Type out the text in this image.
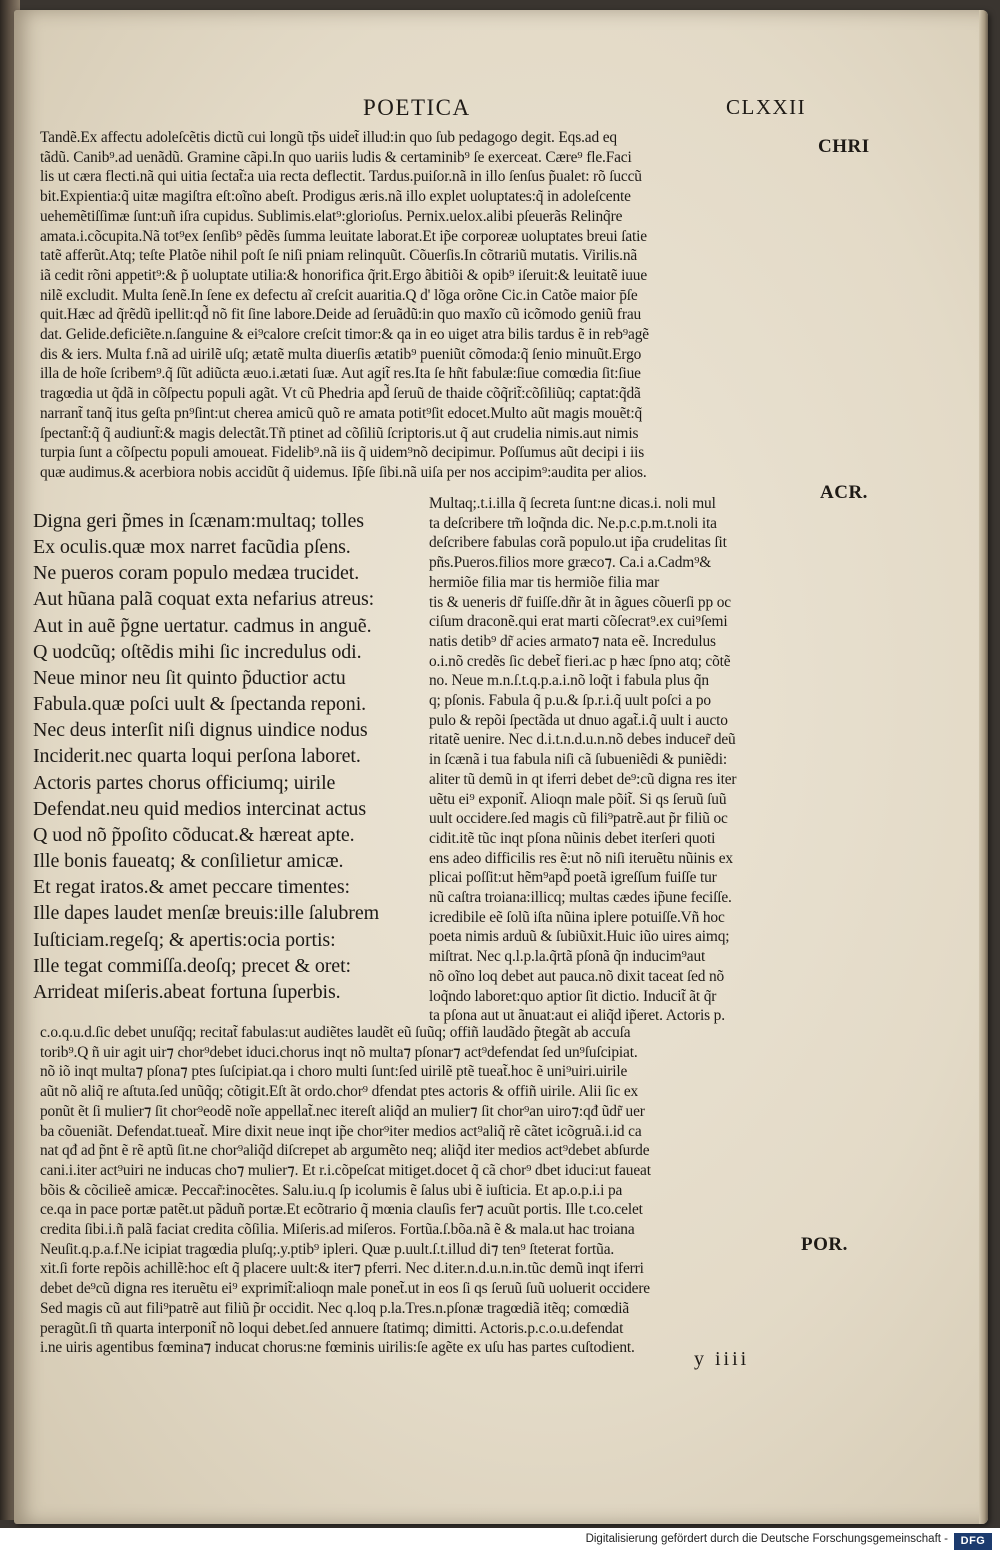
POETICA	CLXXII
CHRI
ACR.
POR.
Tandẽ.Ex affectu adoleſcẽtis dictũ cui longũ tp̃s uidet̃ illud:in quo ſub pedagogo degit. Eqs.ad eq
tãdũ. Canib⁹.ad uenãdũ. Gramine cãpi.In quo uariis ludis & certaminib⁹ ſe exerceat. Cære⁹ fle.Faci
lis ut cæra flecti.nã qui uitia ſectat̃:a uia recta deflectit. Tardus.puiſor.nã in illo ſenſus p̃ualet: rõ ſuccũ
bit.Expientia:q̃ uitæ magiſtra eſt:oĩno abeſt. Prodigus æris.nã illo explet uoluptates:q̃ in adoleſcente
uehemẽtiſſimæ ſunt:uñ iſra cupidus. Sublimis.elat⁹:glorioſus. Pernix.uelox.alibi pſeuerãs Relinq̃re
amata.i.cõcupita.Nã tot⁹ex ſenſib⁹ pẽdẽs ſumma leuitate laborat.Et ip̃e corporeæ uoluptates breui ſatie
tatẽ afferũt.Atq; teſte Platõe nihil poſt ſe niſi pniam relinquũt. Cõuerſis.In cõtrariũ mutatis. Virilis.nã
iã cedit rõni appetit⁹:& p̃ uoluptate utilia:& honorifica q̃rit.Ergo ãbitiõi & opib⁹ iſeruit:& leuitatẽ iuue
nilẽ excludit. Multa ſenẽ.In ſene ex defectu aĩ creſcit auaritia.Q d' lõga orõne Cic.in Catõe maior p̄ſe
quit.Hæc ad q̃rẽdũ ipellit:qd̃ nõ fit ſine labore.Deide ad ſeruãdũ:in quo maxĩo cũ icõmodo geniũ frau
dat. Gelide.deficiẽte.n.ſanguine & ei⁹calore creſcit timor:& qa in eo uiget atra bilis tardus ẽ in reb⁹agẽ
dis & iers. Multa f.nã ad uirilẽ uſq; ætatẽ multa diuerſis ætatib⁹ pueniũt cõmoda:q̃ ſenio minuũt.Ergo
illa de hoĩe ſcribem⁹.q̃ ſũt adiũcta æuo.i.ætati ſuæ. Aut agit̃ res.Ita ſe hñt fabulæ:ſiue comœdia ſit:ſiue
tragœdia ut q̃dã in cõſpectu populi agãt. Vt cũ Phedria apd̃ ſeruũ de thaide cõq̃rit̃:cõſiliũq; captat:q̃dã
narrant̃ tanq̃ itus geſta pn⁹ſint:ut cherea amicũ quõ re amata potit⁹ſit edocet.Multo aũt magis mouẽt:q̃
ſpectant̃:q̃ q̃ audiunt̃:& magis delectãt.Tñ ptinet ad cõſiliũ ſcriptoris.ut q̃ aut crudelia nimis.aut nimis
turpia ſunt a cõſpectu populi amoueat. Fidelib⁹.nã iis q̃ uidem⁹nõ decipimur. Poſſumus aũt decipi i iis
quæ audimus.& acerbiora nobis accidũt q̃ uidemus. Ip̃ſe ſibi.nã uiſa per nos accipim⁹:audita per alios.
Digna geri p̃mes in ſcænam:multaq; tolles
Ex oculis.quæ mox narret facũdia pſens.
Ne pueros coram populo medæa trucidet.
Aut hũana palã coquat exta nefarius atreus:
Aut in auẽ p̃gne uertatur. cadmus in anguẽ.
Q uodcũq; oſtẽdis mihi ſic incredulus odi.
Neue minor neu ſit quinto p̃ductior actu
Fabula.quæ poſci uult & ſpectanda reponi.
Nec deus interſit niſi dignus uindice nodus
Inciderit.nec quarta loqui perſona laboret.
Actoris partes chorus officiumq; uirile
Defendat.neu quid medios intercinat actus
Q uod nõ p̃poſito cõducat.& hæreat apte.
Ille bonis faueatq; & conſilietur amicæ.
Et regat iratos.& amet peccare timentes:
Ille dapes laudet menſæ breuis:ille ſalubrem
Iuſticiam.regeſq; & apertis:ocia portis:
Ille tegat commiſſa.deoſq; precet & oret:
Arrideat miſeris.abeat fortuna ſuperbis.
Multaq;.t.i.illa q̃ ſecreta ſunt:ne dicas.i. noli mul
ta deſcribere tm̃ loq̃nda dic. Ne.p.c.p.m.t.noli ita
deſcribere fabulas corã populo.ut ip̃a crudelitas ſit
pñs.Pueros.filios more græco⁊. Ca.i a.Cadm⁹&
hermiõe filia mar tis hermiõe filia mar
tis & ueneris dr̃ fuiſſe.dñr ãt in ãgues cõuerſi pp oc
ciſum draconẽ.qui erat marti cõſecrat⁹.ex cui⁹ſemi
natis detib⁹ dr̃ acies armato⁊ nata eẽ. Incredulus
o.i.nõ credẽs ſic debet̃ fieri.ac p hæc ſpno atq; cõtẽ
no. Neue m.n.ſ.t.q.p.a.i.nõ loq̃t i fabula plus q̃n
q; pſonis. Fabula q̃ p.u.& ſp.r.i.q̃ uult poſci a po
pulo & repõi ſpectãda ut dnuo agat̃.i.q̃ uult i aucto
ritatẽ uenire. Nec d.i.t.n.d.u.n.nõ debes inducer̃ deũ
in ſcænã i tua fabula niſi cã ſubueniẽdi & puniẽdi:
aliter tũ demũ in qt iferri debet de⁹:cũ digna res iter
uẽtu ei⁹ exponit̃. Alioqn male põit̃. Si qs ſeruũ ſuũ
uult occidere.ſed magis cũ fili⁹patrẽ.aut p̃r filiũ oc
cidit.itẽ tũc inqt pſona nũinis debet iterſeri quoti
ens adeo difficilis res ẽ:ut nõ niſi iteruẽtu nũinis ex
plicai poſſit:ut hẽm⁹apd̃ poetã igreſſum fuiſſe tur
nũ caſtra troiana:illicq; multas cædes ip̃une feciſſe.
icredibile eẽ ſolũ iſta nũina iplere potuiſſe.Vñ hoc
poeta nimis arduũ & ſubiũxit.Huic iũo uires aimq;
miſtrat. Nec q.l.p.la.q̃rtã pſonã q̃n inducim⁹aut
nõ oĩno loq debet aut pauca.nõ dixit taceat ſed nõ
loq̃ndo laboret:quo aptior ſit dictio. Inducit̃ ãt q̃r
ta pſona aut ut ãnuat:aut ei aliq̃d ip̃eret. Actoris p.
c.o.q.u.d.ſic debet unuſq̃q; recitat̃ fabulas:ut audiẽtes laudẽt eũ ſuũq; offiñ laudãdo p̃tegãt ab accuſa
torib⁹.Q ñ uir agit uir⁊ chor⁹debet iduci.chorus inqt nõ multa⁊ pſonar⁊ act⁹defendat ſed un⁹ſuſcipiat.
nõ iõ inqt multa⁊ pſona⁊ ptes ſuſcipiat.qa i choro multi ſunt:ſed uirilẽ ptẽ tueat̃.hoc ẽ uni⁹uiri.uirile
aũt nõ aliq̃ re aſtuta.ſed unũq̃q; cõtigit.Eſt ãt ordo.chor⁹ dfendat ptes actoris & offiñ uirile. Alii ſic ex
ponũt ẽt ſi mulier⁊ ſit chor⁹eodẽ noĩe appellat̃.nec itereſt aliq̃d an mulier⁊ ſit chor⁹an uiro⁊:qđ ũdr̃ uer
ba cõueniãt. Defendat.tueat̃. Mire dixit neue inqt ip̃e chor⁹iter medios act⁹aliq̃ rẽ cãtet icõgruã.i.id ca
nat qđ ad p̃nt ẽ rẽ aptũ ſit.ne chor⁹aliq̃d diſcrepet ab argumẽto neq; aliq̃d iter medios act⁹debet abſurde
cani.i.iter act⁹uiri ne inducas cho⁊ mulier⁊. Et r.i.cõpeſcat mitiget.docet q̃ cã chor⁹ dbet iduci:ut faueat
bõis & cõcilieẽ amicæ. Peccar̃:inocẽtes. Salu.iu.q ſp icolumis ẽ ſalus ubi ẽ iuſticia. Et ap.o.p.i.i pa
ce.qa in pace portæ patẽt.ut pãduñ portæ.Et ecõtrario q̃ mœnia clauſis fer⁊ acuũt portis. Ille t.co.celet
credita ſibi.i.ñ palã faciat credita cõſilia. Miſeris.ad miſeros. Fortũa.ſ.bõa.nã ẽ & mala.ut hac troiana
Neuſit.q.p.a.f.Ne icipiat tragœdia pluſq;.y.ptib⁹ ipleri. Quæ p.uult.ſ.t.illud di⁊ ten⁹ ſteterat fortũa.
xit.ſi forte repõis achillẽ:hoc eſt q̃ placere uult:& iter⁊ pferri. Nec d.iter.n.d.u.n.in.tũc demũ inqt iferri
debet de⁹cũ digna res iteruẽtu ei⁹ exprimit̃:alioqn male ponet̃.ut in eos ſi qs ſeruũ ſuũ uoluerit occidere
Sed magis cũ aut fili⁹patrẽ aut filiũ p̃r occidit. Nec q.loq p.la.Tres.n.pſonæ tragœdiã itẽq; comœdiã
peragũt.ſi tñ quarta interponit̃ nõ loqui debet.ſed annuere ſtatimq; dimitti. Actoris.p.c.o.u.defendat
i.ne uiris agentibus fœmina⁊ inducat chorus:ne fœminis uirilis:ſe agẽte ex uſu has partes cuſtodient.
y iiii
Digitalisierung gefördert durch die Deutsche Forschungsgemeinschaft -	DFG
